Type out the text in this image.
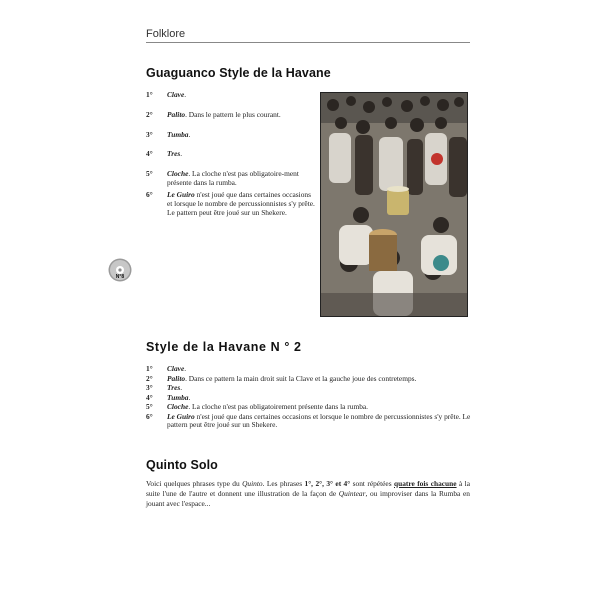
Folklore
Guaguanco Style de la Havane
1° Clave.
2° Palito. Dans le pattern le plus courant.
3° Tumba.
4° Tres.
5° Cloche. La cloche n'est pas obligatoire-ment présente dans la rumba.
6° Le Guiro n'est joué que dans certaines occasions et lorsque le nombre de percussionnistes s'y prête. Le pattern peut être joué sur un Shekere.
N°8
Style de la Havane N ° 2
1° Clave.
2° Palito. Dans ce pattern la main droit suit la Clave et la gauche joue des contretemps.
3° Tres.
4° Tumba.
5° Cloche. La cloche n'est pas obligatoirement présente dans la rumba.
6° Le Guiro n'est joué que dans certaines occasions et lorsque le nombre de percussionnistes s'y prête. Le pattern peut être joué sur un Shekere.
Quinto Solo

Voici quelques phrases type du Quinto. Les phrases 1°, 2°, 3° et 4° sont répétées quatre fois chacune à la suite l'une de l'autre et donnent une illustration de la façon de Quintear, ou improviser dans la Rumba en jouant avec l'espace...
